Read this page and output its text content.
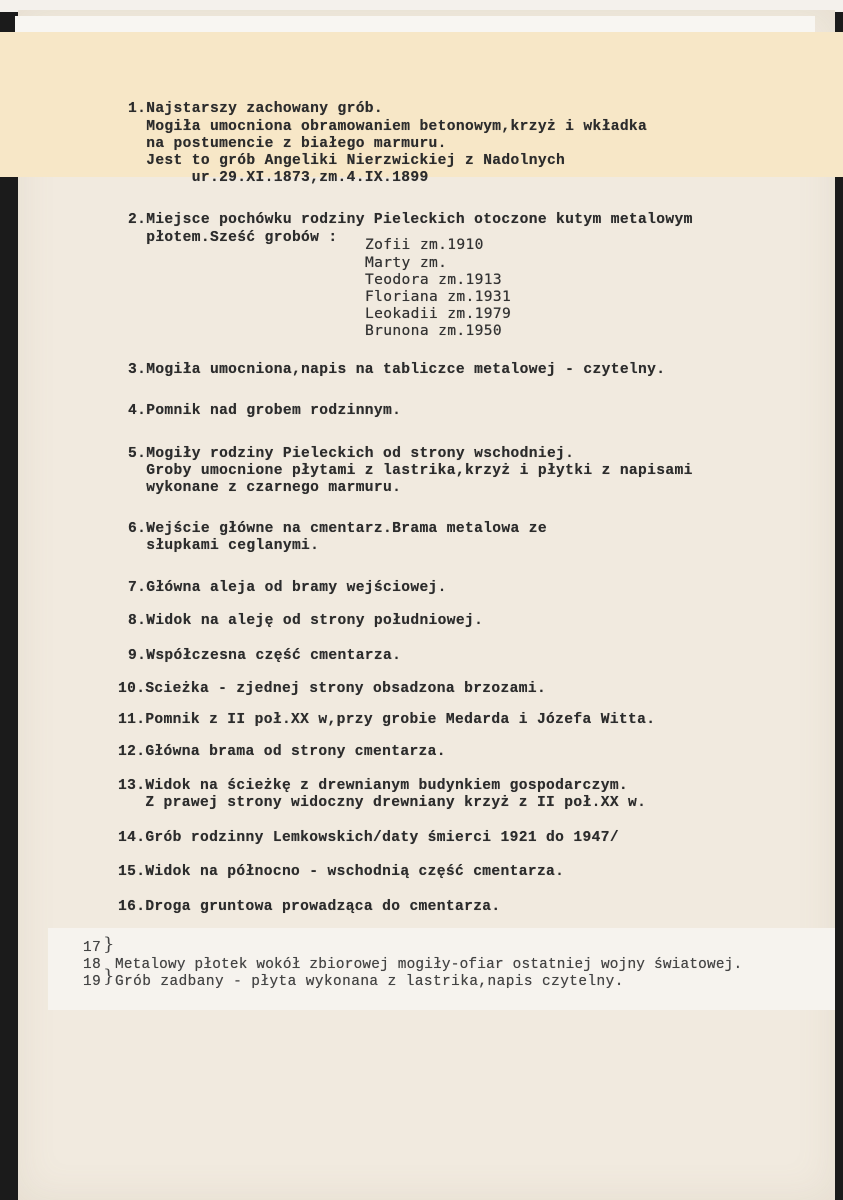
1.Najstarszy zachowany grób.
Mogiła umocniona obramowaniem betonowym,krzyż i wkładka
na postumencie z białego marmuru.
Jest to grób Angeliki Nierzwickiej z Nadolnych
ur.29.XI.1873,zm.4.IX.1899
2.Miejsce pochówku rodziny Pieleckich otoczone kutym metalowym
płotem.Sześć grobów : Zofii zm.1910
Marty zm.
Teodora zm.1913
Floriana zm.1931
Leokadii zm.1979
Brunona zm.1950
3.Mogiła umocniona,napis na tabliczce metalowej - czytelny.
4.Pomnik nad grobem rodzinnym.
5.Mogiły rodziny Pieleckich od strony wschodniej.
Groby umocnione płytami z lastrika,krzyż i płytki z napisami
wykonane z czarnego marmuru.
6.Wejście główne na cmentarz.Brama metalowa ze
słupkami ceglanymi.
7.Główna aleja od bramy wejściowej.
8.Widok na aleję od strony południowej.
9.Współczesna część cmentarza.
10.Scieżka - zjednej strony obsadzona brzozami.
11.Pomnik z II poł.XX w,przy grobie Medarda i Józefa Witta.
12.Główna brama od strony cmentarza.
13.Widok na ścieżkę z drewnianym budynkiem gospodarczym.
Z prawej strony widoczny drewniany krzyż z II poł.XX w.
14.Grób rodzinny Lemkowskich/daty śmierci 1921 do 1947/
15.Widok na północno - wschodnią część cmentarza.
16.Droga gruntowa prowadząca do cmentarza.
17
18
19
}
}
Metalowy płotek wokół zbiorowej mogiły-ofiar ostatniej wojny światowej.
Grób zadbany - płyta wykonana z lastrika,napis czytelny.
